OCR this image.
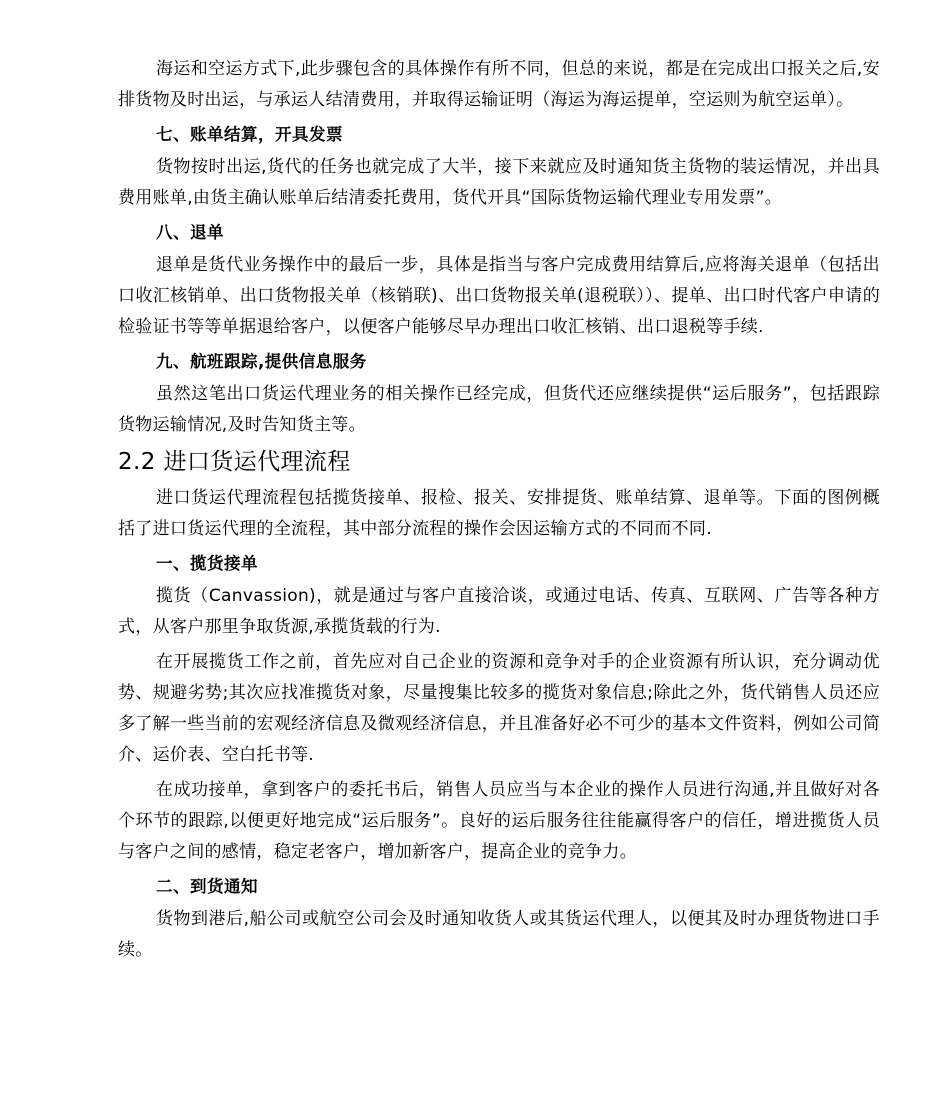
海运和空运方式下,此步骤包含的具体操作有所不同，但总的来说，都是在完成出口报关之后,安排货物及时出运，与承运人结清费用，并取得运输证明（海运为海运提单，空运则为航空运单）。

七、账单结算，开具发票

货物按时出运,货代的任务也就完成了大半，接下来就应及时通知货主货物的装运情况，并出具费用账单,由货主确认账单后结清委托费用，货代开具“国际货物运输代理业专用发票”。

八、退单

退单是货代业务操作中的最后一步，具体是指当与客户完成费用结算后,应将海关退单（包括出口收汇核销单、出口货物报关单（核销联)、出口货物报关单(退税联））、提单、出口时代客户申请的检验证书等等单据退给客户，以便客户能够尽早办理出口收汇核销、出口退税等手续.

九、航班跟踪,提供信息服务

虽然这笔出口货运代理业务的相关操作已经完成，但货代还应继续提供“运后服务”，包括跟踪货物运输情况,及时告知货主等。

2.2 进口货运代理流程

进口货运代理流程包括揽货接单、报检、报关、安排提货、账单结算、退单等。下面的图例概括了进口货运代理的全流程，其中部分流程的操作会因运输方式的不同而不同.

一、揽货接单

揽货（Canvassion)，就是通过与客户直接洽谈，或通过电话、传真、互联网、广告等各种方式，从客户那里争取货源,承揽货载的行为.

在开展揽货工作之前，首先应对自己企业的资源和竞争对手的企业资源有所认识，充分调动优势、规避劣势;其次应找准揽货对象，尽量搜集比较多的揽货对象信息;除此之外，货代销售人员还应多了解一些当前的宏观经济信息及微观经济信息，并且准备好必不可少的基本文件资料，例如公司简介、运价表、空白托书等.

在成功接单，拿到客户的委托书后，销售人员应当与本企业的操作人员进行沟通,并且做好对各个环节的跟踪,以便更好地完成“运后服务”。良好的运后服务往往能赢得客户的信任，增进揽货人员与客户之间的感情，稳定老客户，增加新客户，提高企业的竞争力。

二、到货通知

货物到港后,船公司或航空公司会及时通知收货人或其货运代理人，以便其及时办理货物进口手续。
